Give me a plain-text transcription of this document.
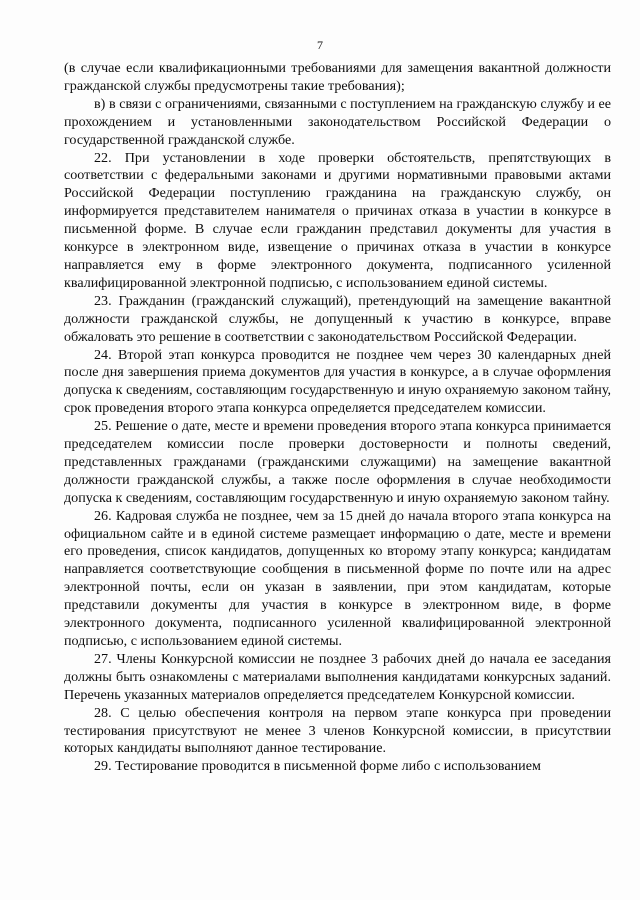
7

(в случае если квалификационными требованиями для замещения вакантной должности гражданской службы предусмотрены такие требования);

в) в связи с ограничениями, связанными с поступлением на гражданскую службу и ее прохождением и установленными законодательством Российской Федерации о государственной гражданской службе.

22. При установлении в ходе проверки обстоятельств, препятствующих в соответствии с федеральными законами и другими нормативными правовыми актами Российской Федерации поступлению гражданина на гражданскую службу, он информируется представителем нанимателя о причинах отказа в участии в конкурсе в письменной форме. В случае если гражданин представил документы для участия в конкурсе в электронном виде, извещение о причинах отказа в участии в конкурсе направляется ему в форме электронного документа, подписанного усиленной квалифицированной электронной подписью, с использованием единой системы.

23. Гражданин (гражданский служащий), претендующий на замещение вакантной должности гражданской службы, не допущенный к участию в конкурсе, вправе обжаловать это решение в соответствии с законодательством Российской Федерации.

24. Второй этап конкурса проводится не позднее чем через 30 календарных дней после дня завершения приема документов для участия в конкурсе, а в случае оформления допуска к сведениям, составляющим государственную и иную охраняемую законом тайну, срок проведения второго этапа конкурса определяется председателем комиссии.

25. Решение о дате, месте и времени проведения второго этапа конкурса принимается председателем комиссии после проверки достоверности и полноты сведений, представленных гражданами (гражданскими служащими) на замещение вакантной должности гражданской службы, а также после оформления в случае необходимости допуска к сведениям, составляющим государственную и иную охраняемую законом тайну.

26. Кадровая служба не позднее, чем за 15 дней до начала второго этапа конкурса на официальном сайте и в единой системе размещает информацию о дате, месте и времени его проведения, список кандидатов, допущенных ко второму этапу конкурса; кандидатам направляется соответствующие сообщения в письменной форме по почте или на адрес электронной почты, если он указан в заявлении, при этом кандидатам, которые представили документы для участия в конкурсе в электронном виде, в форме электронного документа, подписанного усиленной квалифицированной электронной подписью, с использованием единой системы.

27. Члены Конкурсной комиссии не позднее 3 рабочих дней до начала ее заседания должны быть ознакомлены с материалами выполнения кандидатами конкурсных заданий. Перечень указанных материалов определяется председателем Конкурсной комиссии.

28. С целью обеспечения контроля на первом этапе конкурса при проведении тестирования присутствуют не менее 3 членов Конкурсной комиссии, в присутствии которых кандидаты выполняют данное тестирование.

29. Тестирование проводится в письменной форме либо с использованием
